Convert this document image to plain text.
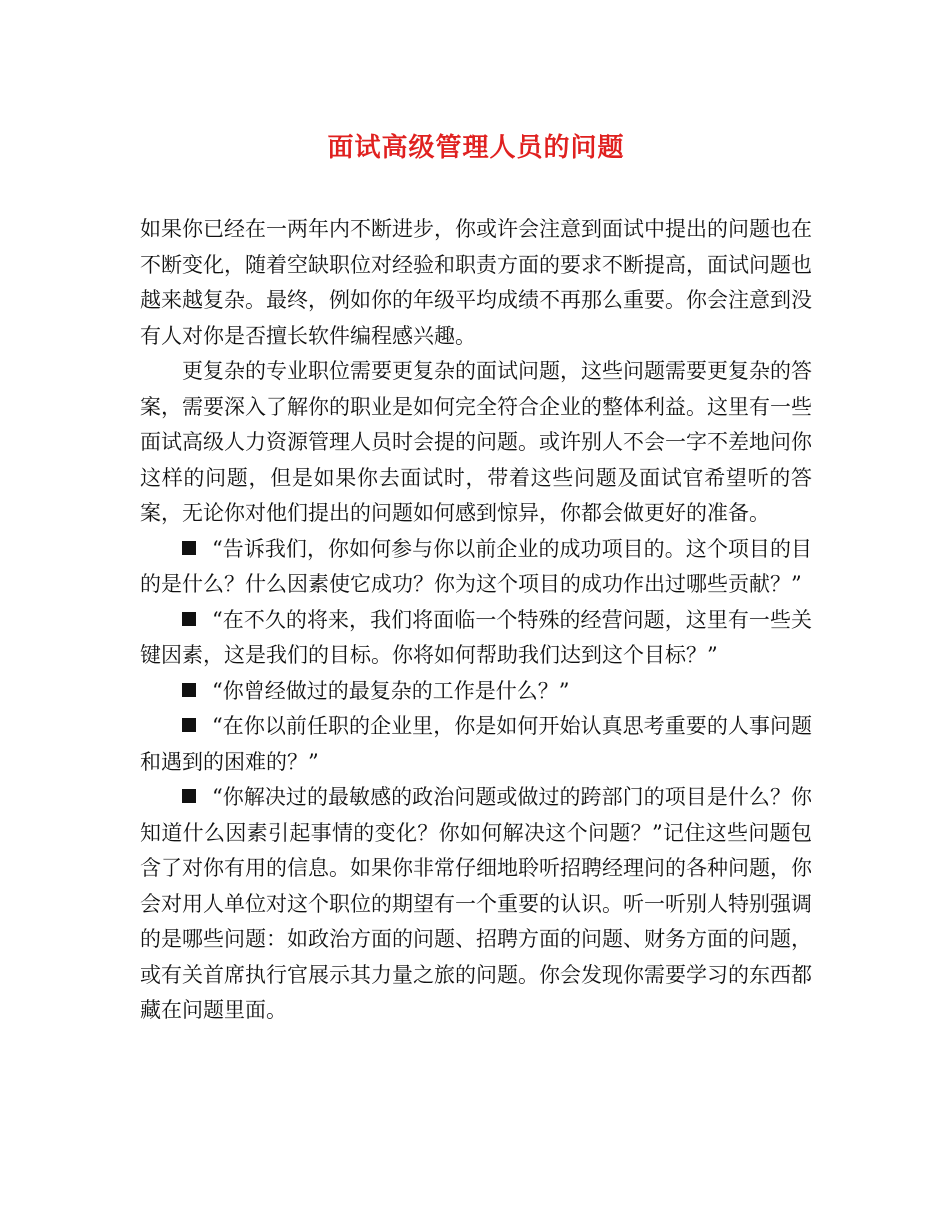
面试高级管理人员的问题

如果你已经在一两年内不断进步，你或许会注意到面试中提出的问题也在不断变化，随着空缺职位对经验和职责方面的要求不断提高，面试问题也越来越复杂。最终，例如你的年级平均成绩不再那么重要。你会注意到没有人对你是否擅长软件编程感兴趣。

更复杂的专业职位需要更复杂的面试问题，这些问题需要更复杂的答案，需要深入了解你的职业是如何完全符合企业的整体利益。这里有一些面试高级人力资源管理人员时会提的问题。或许别人不会一字不差地问你这样的问题，但是如果你去面试时，带着这些问题及面试官希望听的答案，无论你对他们提出的问题如何感到惊异，你都会做更好的准备。

“告诉我们，你如何参与你以前企业的成功项目的。这个项目的目的是什么？什么因素使它成功？你为这个项目的成功作出过哪些贡献？”

“在不久的将来，我们将面临一个特殊的经营问题，这里有一些关键因素，这是我们的目标。你将如何帮助我们达到这个目标？”

“你曾经做过的最复杂的工作是什么？”

“在你以前任职的企业里，你是如何开始认真思考重要的人事问题和遇到的困难的？”

“你解决过的最敏感的政治问题或做过的跨部门的项目是什么？你知道什么因素引起事情的变化？你如何解决这个问题？”记住这些问题包含了对你有用的信息。如果你非常仔细地聆听招聘经理问的各种问题，你会对用人单位对这个职位的期望有一个重要的认识。听一听别人特别强调的是哪些问题：如政治方面的问题、招聘方面的问题、财务方面的问题，或有关首席执行官展示其力量之旅的问题。你会发现你需要学习的东西都藏在问题里面。
